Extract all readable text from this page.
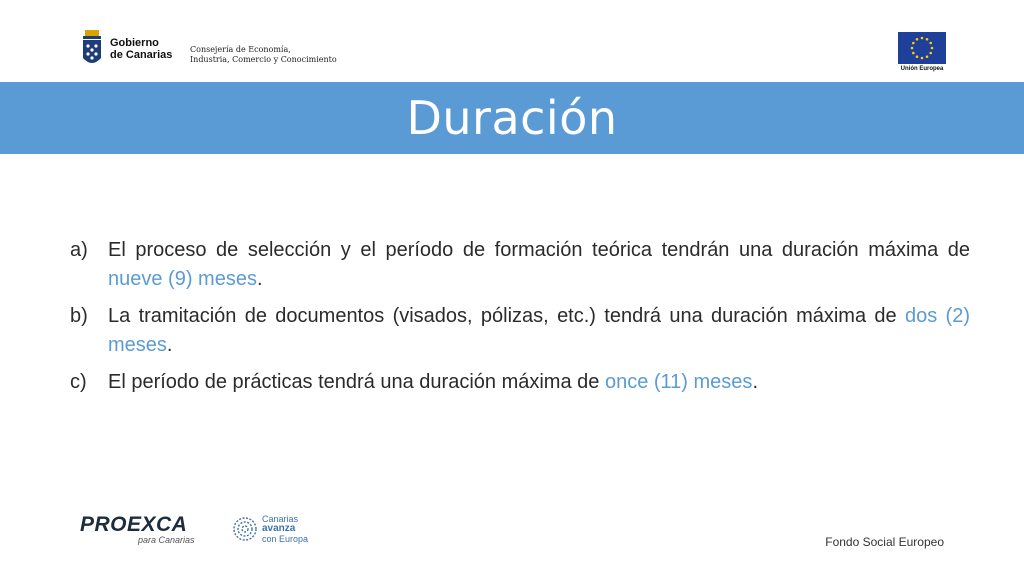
Gobierno
de Canarias Consejería de Economía,
Industria, Comercio y Conocimiento
Unión Europea
Duración
a)	El proceso de selección y el período de formación teórica tendrán una duración máxima de nueve (9) meses.
b)	La tramitación de documentos (visados, pólizas, etc.) tendrá una duración máxima de dos (2) meses.
c)	El período de prácticas tendrá una duración máxima de once (11) meses.
PROEXCA
para Canarias
Canarias
avanza
con Europa	Fondo Social Europeo
